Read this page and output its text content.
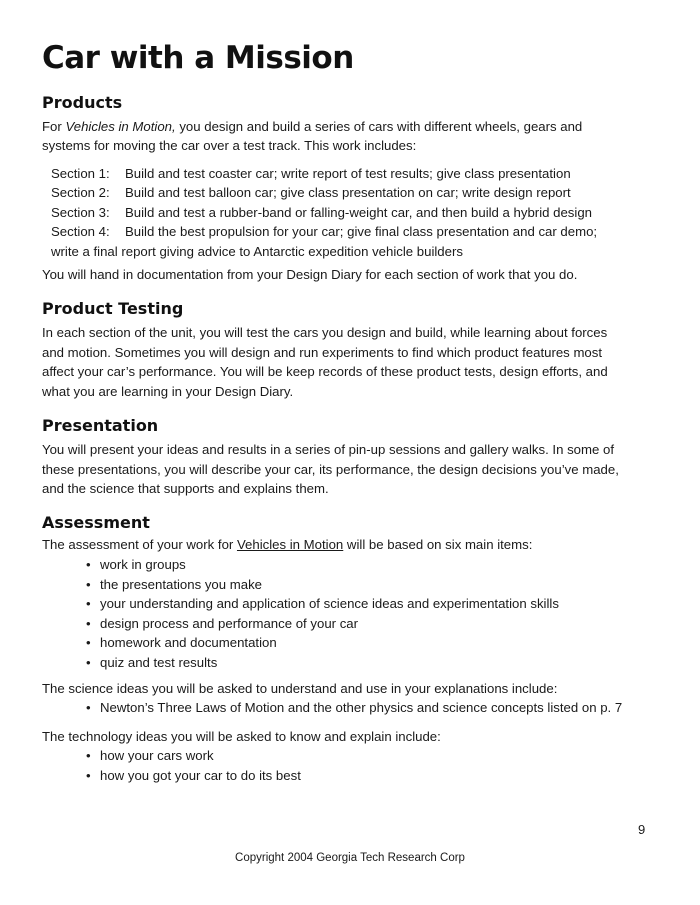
Car with a Mission
Products

For Vehicles in Motion, you design and build a series of cars with different wheels, gears and

systems for moving the car over a test track. This work includes:

Section 1: Build and test coaster car; write report of test results; give class presentation
Section 2: Build and test balloon car; give class presentation on car; write design report
Section 3: Build and test a rubber-band or falling-weight car, and then build a hybrid design
Section 4: Build the best propulsion for your car; give final class presentation and car demo;
write a final report giving advice to Antarctic expedition vehicle builders

You will hand in documentation from your Design Diary for each section of work that you do.

Product Testing

In each section of the unit, you will test the cars you design and build, while learning about forces

and motion. Sometimes you will design and run experiments to find which product features most

affect your car’s performance. You will be keep records of these product tests, design efforts, and

what you are learning in your Design Diary.

Presentation

You will present your ideas and results in a series of pin-up sessions and gallery walks. In some of

these presentations, you will describe your car, its performance, the design decisions you’ve made,

and the science that supports and explains them.

Assessment

The assessment of your work for Vehicles in Motion will be based on six main items:

• work in groups
• the presentations you make
• your understanding and application of science ideas and experimentation skills
• design process and performance of your car
• homework and documentation
• quiz and test results

The science ideas you will be asked to understand and use in your explanations include:

• Newton’s Three Laws of Motion and the other physics and science concepts listed on p. 7

The technology ideas you will be asked to know and explain include:

• how your cars work
• how you got your car to do its best
9
Copyright 2004 Georgia Tech Research Corp
